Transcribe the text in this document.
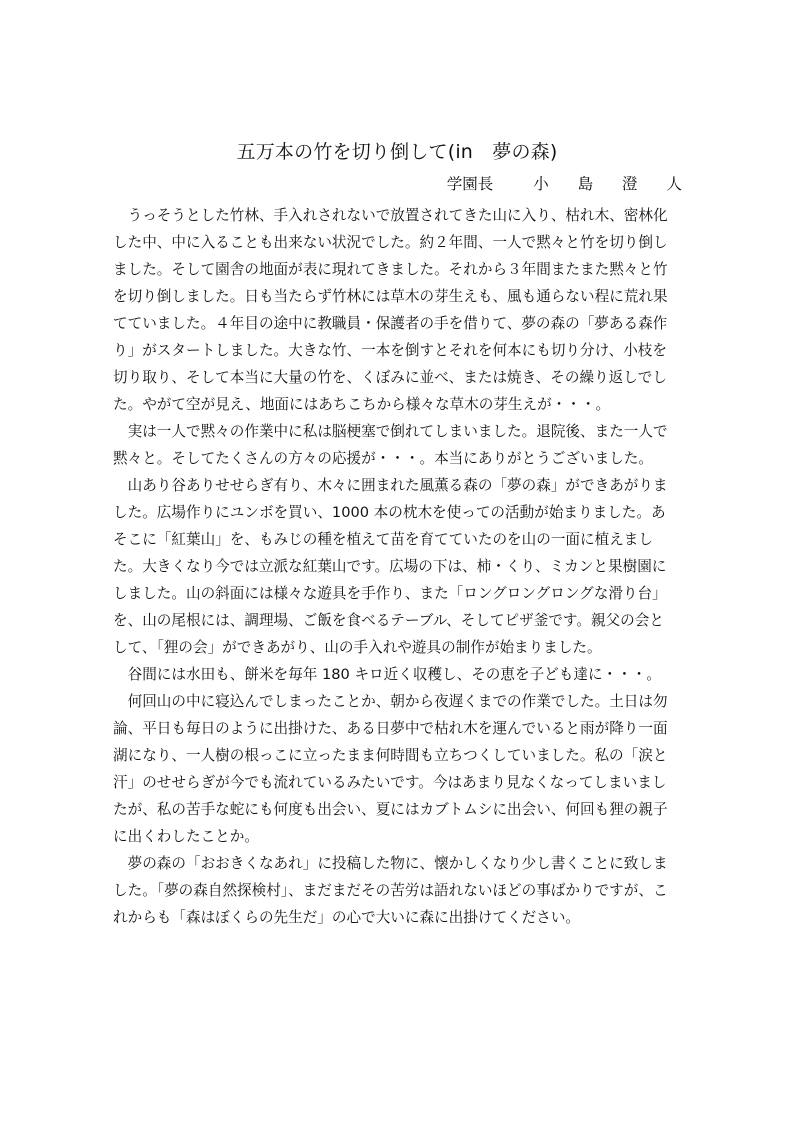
五万本の竹を切り倒して(in　夢の森)
学園長	小 島 澄 人
　うっそうとした竹林、手入れされないで放置されてきた山に入り、枯れ木、密林化
した中、中に入ることも出来ない状況でした。約２年間、一人で黙々と竹を切り倒し
ました。そして園舎の地面が表に現れてきました。それから３年間またまた黙々と竹
を切り倒しました。日も当たらず竹林には草木の芽生えも、風も通らない程に荒れ果
てていました。４年目の途中に教職員・保護者の手を借りて、夢の森の「夢ある森作
り」がスタートしました。大きな竹、一本を倒すとそれを何本にも切り分け、小枝を
切り取り、そして本当に大量の竹を、くぼみに並べ、または焼き、その繰り返しでし
た。やがて空が見え、地面にはあちこちから様々な草木の芽生えが・・・。
　実は一人で黙々の作業中に私は脳梗塞で倒れてしまいました。退院後、また一人で
黙々と。そしてたくさんの方々の応援が・・・。本当にありがとうございました。
　山あり谷ありせせらぎ有り、木々に囲まれた風薫る森の「夢の森」ができあがりま
した。広場作りにユンボを買い、1000 本の枕木を使っての活動が始まりました。あ
そこに「紅葉山」を、もみじの種を植えて苗を育てていたのを山の一面に植えまし
た。大きくなり今では立派な紅葉山です。広場の下は、柿・くり、ミカンと果樹園に
しました。山の斜面には様々な遊具を手作り、また「ロングロングロングな滑り台」
を、山の尾根には、調理場、ご飯を食べるテーブル、そしてピザ釜です。親父の会と
して、「狸の会」ができあがり、山の手入れや遊具の制作が始まりました。
　谷間には水田も、餅米を毎年 180 キロ近く収穫し、その恵を子ども達に・・・。
　何回山の中に寝込んでしまったことか、朝から夜遅くまでの作業でした。土日は勿
論、平日も毎日のように出掛けた、ある日夢中で枯れ木を運んでいると雨が降り一面
湖になり、一人樹の根っこに立ったまま何時間も立ちつくしていました。私の「涙と
汗」のせせらぎが今でも流れているみたいです。今はあまり見なくなってしまいまし
たが、私の苦手な蛇にも何度も出会い、夏にはカブトムシに出会い、何回も狸の親子
に出くわしたことか。
　夢の森の「おおきくなあれ」に投稿した物に、懐かしくなり少し書くことに致しま
した。「夢の森自然探検村」、まだまだその苦労は語れないほどの事ばかりですが、こ
れからも「森はぼくらの先生だ」の心で大いに森に出掛けてください。
